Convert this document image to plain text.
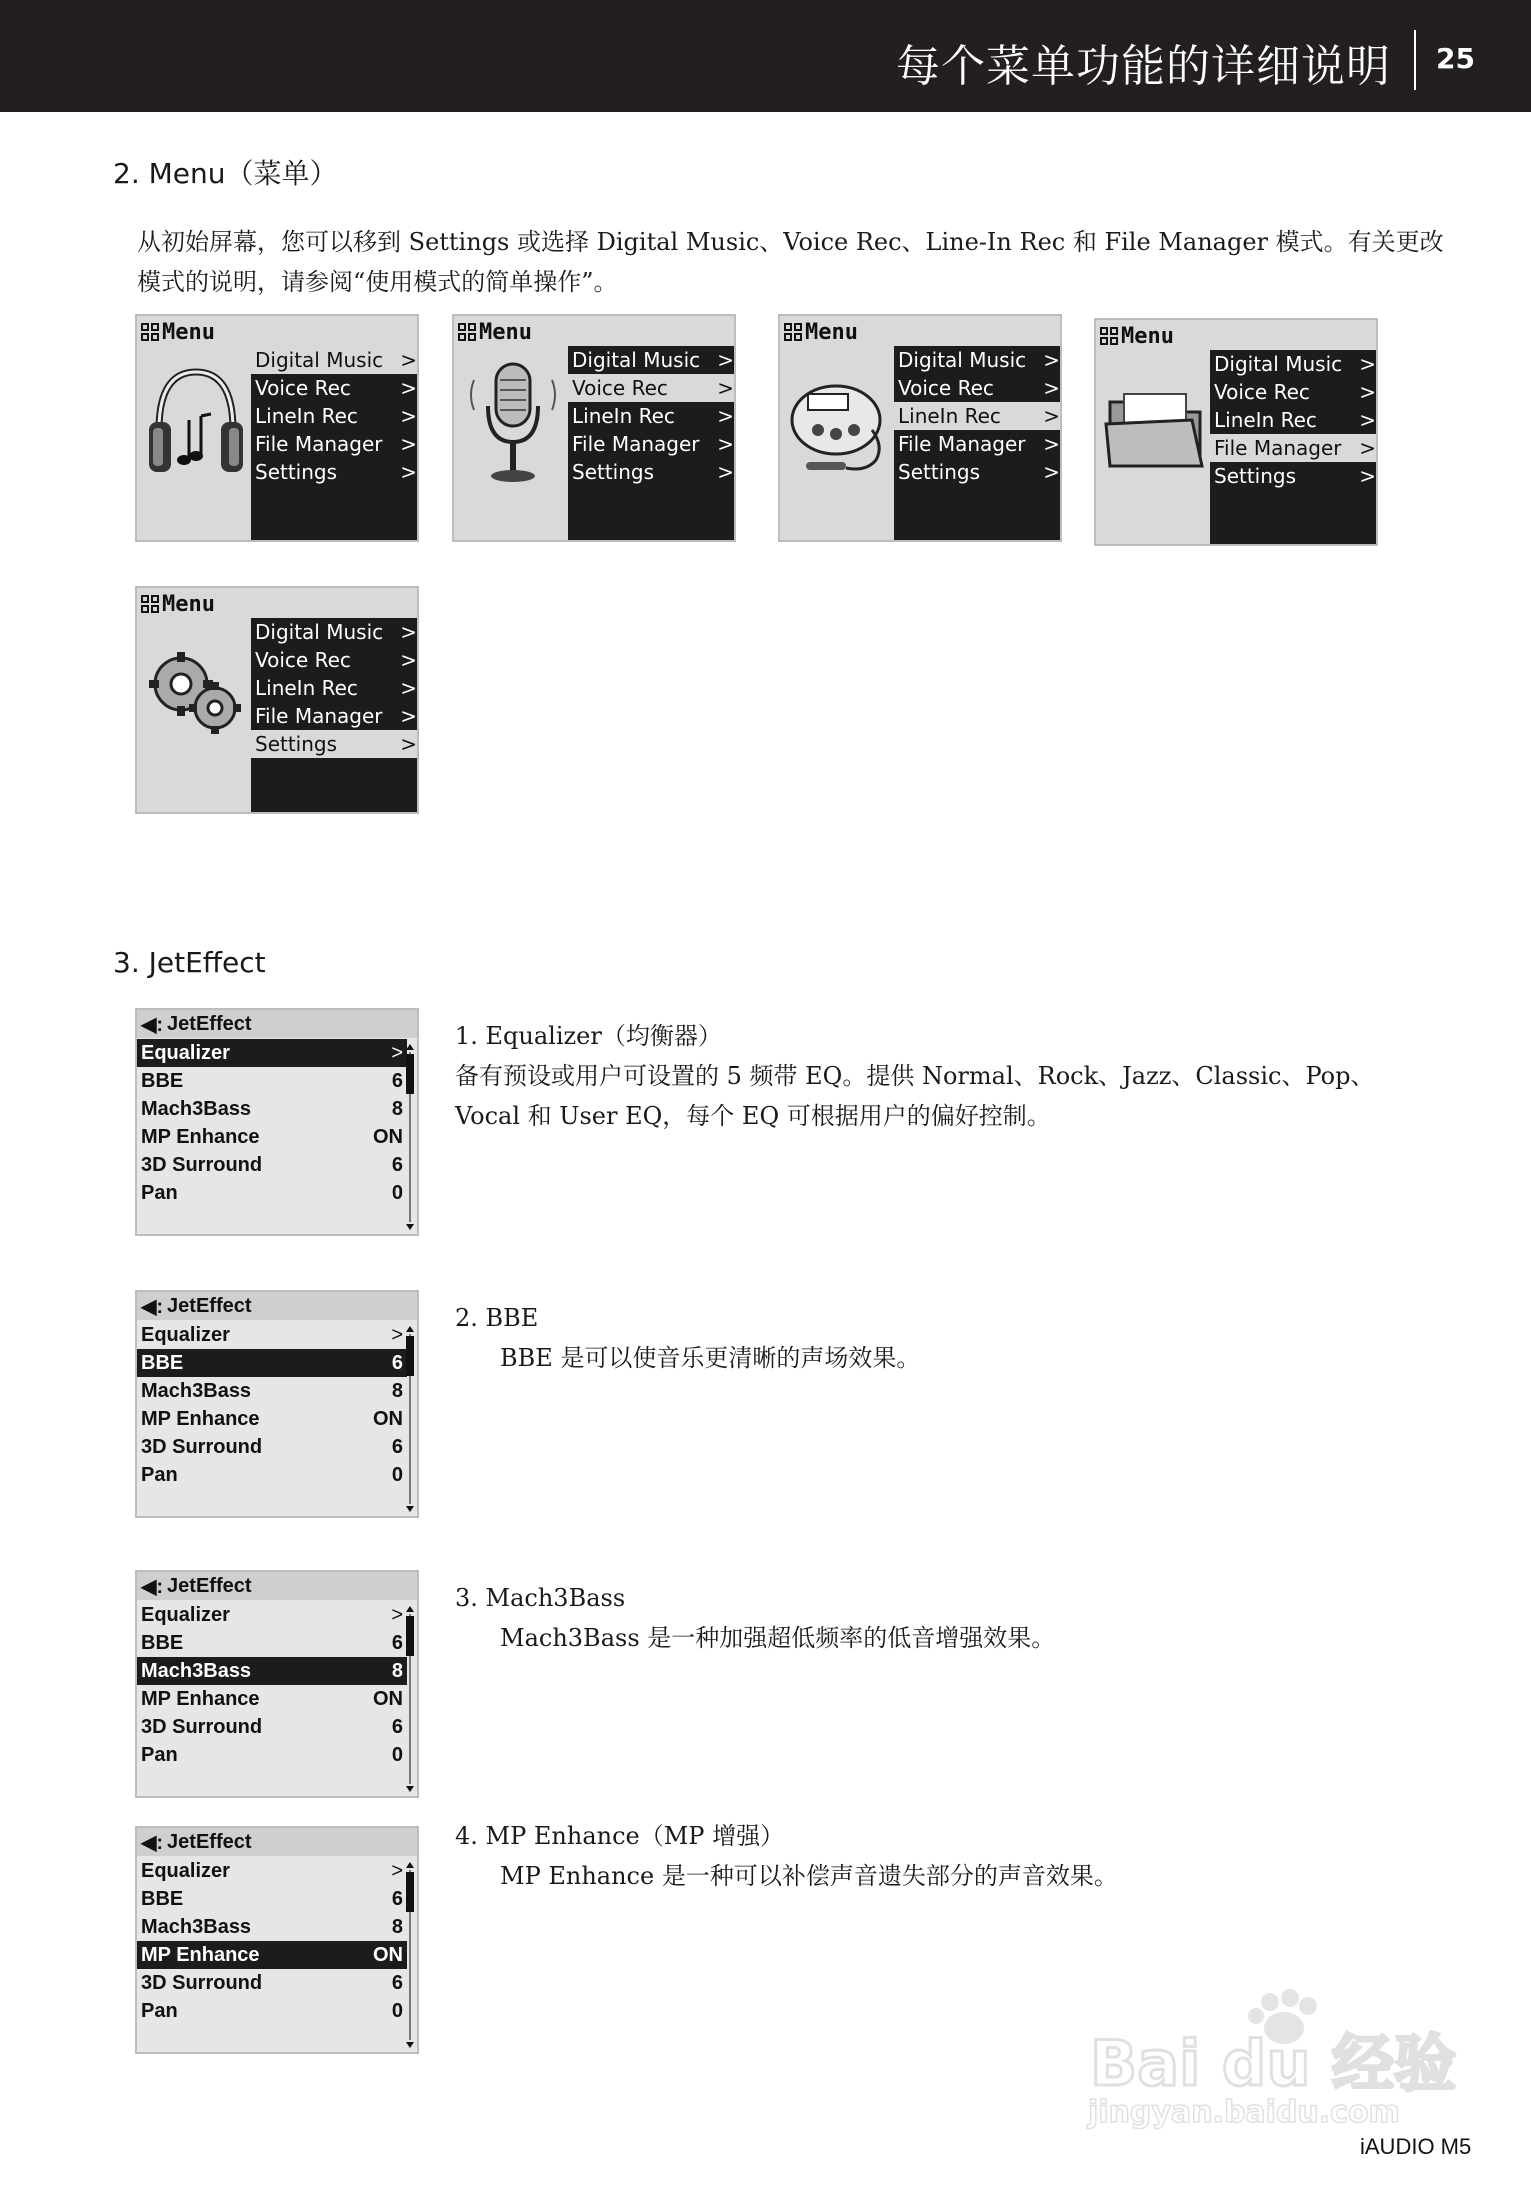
每个菜单功能的详细说明 25
2. Menu（菜单）
从初始屏幕，您可以移到 Settings 或选择 Digital Music、Voice Rec、Line-In Rec 和 File Manager 模式。有关更改
模式的说明，请参阅“使用模式的简单操作”。
Menu
Digital Music >
Voice Rec >
LineIn Rec >
File Manager >
Settings	>
Menu
Digital Music >
Voice Rec >
LineIn Rec >
File Manager >
Settings	>
Menu
Digital Music >
Voice Rec >
LineIn Rec >
File Manager >
Settings	>
Menu
Digital Music >
Voice Rec >
LineIn Rec >
File Manager >
Settings	>
Menu
Digital Music >
Voice Rec >
LineIn Rec >
File Manager >
Settings	>
3. JetEffect
◀: JetEffect
Equalizer	>
BBE	6
Mach3Bass	8
MP Enhance	ON
3D Surround	6
Pan	0
1. Equalizer（均衡器）
备有预设或用户可设置的 5 频带 EQ。提供 Normal、Rock、Jazz、Classic、Pop、
Vocal 和 User EQ，每个 EQ 可根据用户的偏好控制。
◀: JetEffect
Equalizer	>
BBE	6
Mach3Bass	8
MP Enhance	ON
3D Surround	6
Pan	0
2. BBE
BBE 是可以使音乐更清晰的声场效果。
◀: JetEffect
Equalizer	>
BBE	6
Mach3Bass	8
MP Enhance	ON
3D Surround	6
Pan	0
3. Mach3Bass
Mach3Bass 是一种加强超低频率的低音增强效果。
◀: JetEffect
Equalizer	>
BBE	6
Mach3Bass	8
MP Enhance	ON
3D Surround	6
Pan	0
4. MP Enhance（MP 增强）
MP Enhance 是一种可以补偿声音遗失部分的声音效果。
Bai du 经验
jingyan.baidu.com
iAUDIO M5
